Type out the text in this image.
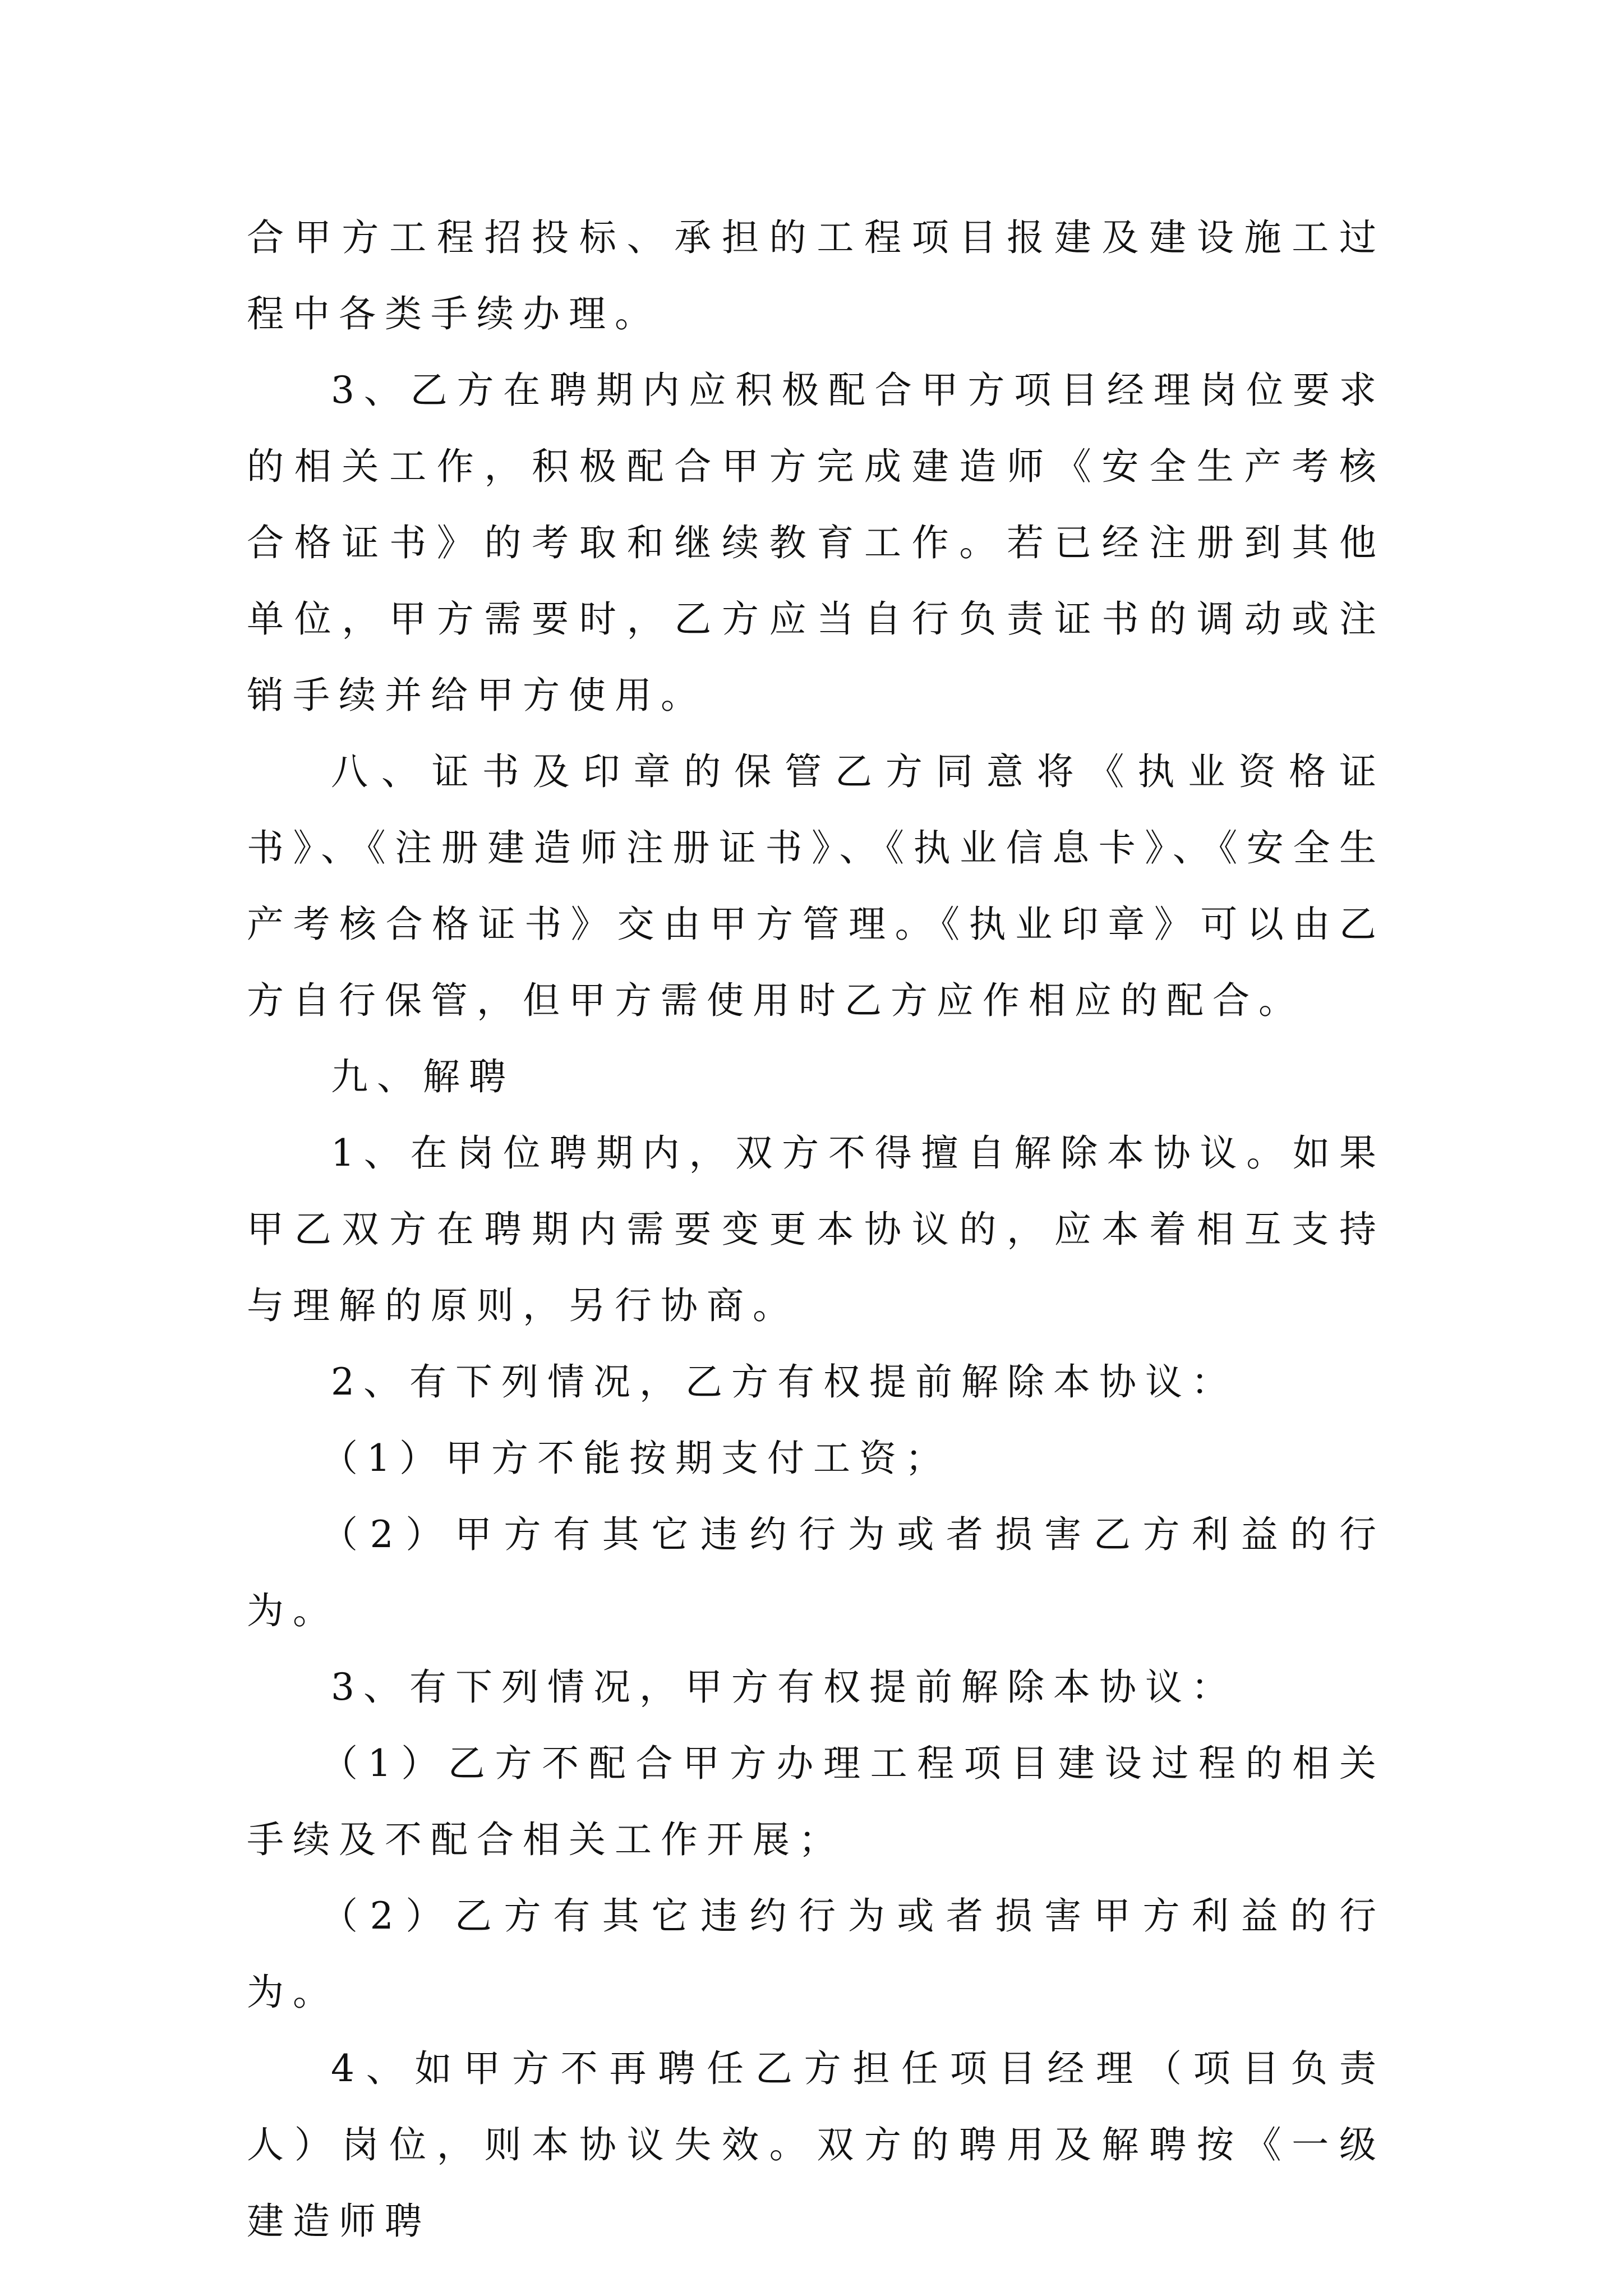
合甲方工程招投标、承担的工程项目报建及建设施工过程中各类手续办理。

3、乙方在聘期内应积极配合甲方项目经理岗位要求的相关工作，积极配合甲方完成建造师《安全生产考核合格证书》的考取和继续教育工作。若已经注册到其他单位，甲方需要时，乙方应当自行负责证书的调动或注销手续并给甲方使用。

八、证书及印章的保管乙方同意将《执业资格证书》、《注册建造师注册证书》、《执业信息卡》、《安全生产考核合格证书》交由甲方管理。《执业印章》可以由乙方自行保管，但甲方需使用时乙方应作相应的配合。

九、解聘

1、在岗位聘期内，双方不得擅自解除本协议。如果甲乙双方在聘期内需要变更本协议的，应本着相互支持与理解的原则，另行协商。

2、有下列情况，乙方有权提前解除本协议：

（1）甲方不能按期支付工资；

（2）甲方有其它违约行为或者损害乙方利益的行为。

3、有下列情况，甲方有权提前解除本协议：

（1）乙方不配合甲方办理工程项目建设过程的相关手续及不配合相关工作开展；

（2）乙方有其它违约行为或者损害甲方利益的行为。

4、如甲方不再聘任乙方担任项目经理（项目负责人）岗位，则本协议失效。双方的聘用及解聘按《一级建造师聘
